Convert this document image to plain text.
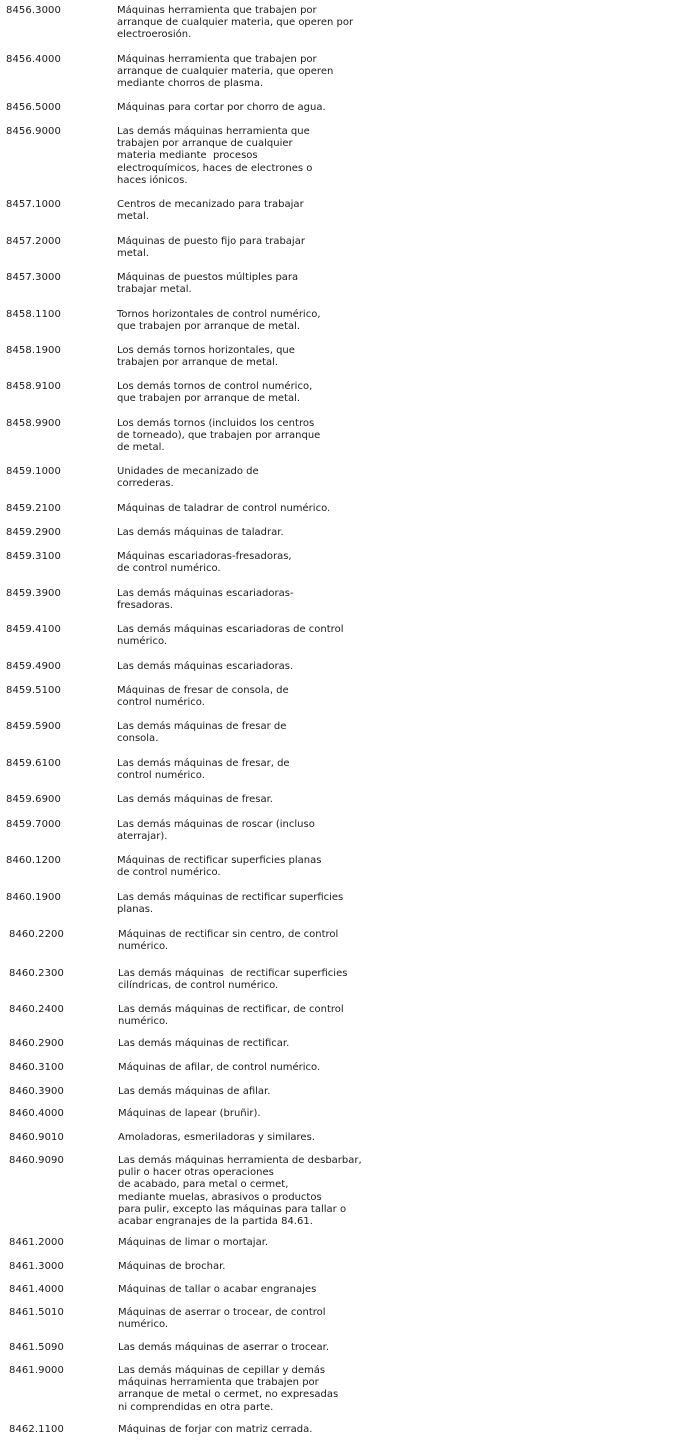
8456.3000	Máquinas herramienta que trabajen por
arranque de cualquier materia, que operen por
electroerosión.
8456.4000	Máquinas herramienta que trabajen por
arranque de cualquier materia, que operen
mediante chorros de plasma.
8456.5000	Máquinas para cortar por chorro de agua.
8456.9000	Las demás máquinas herramienta que
trabajen por arranque de cualquier
materia mediante  procesos
electroquímicos, haces de electrones o
haces iónicos.
8457.1000	Centros de mecanizado para trabajar
metal.
8457.2000	Máquinas de puesto fijo para trabajar
metal.
8457.3000	Máquinas de puestos múltiples para
trabajar metal.
8458.1100	Tornos horizontales de control numérico,
que trabajen por arranque de metal.
8458.1900	Los demás tornos horizontales, que
trabajen por arranque de metal.
8458.9100	Los demás tornos de control numérico,
que trabajen por arranque de metal.
8458.9900	Los demás tornos (incluidos los centros
de torneado), que trabajen por arranque
de metal.
8459.1000	Unidades de mecanizado de
correderas.
8459.2100	Máquinas de taladrar de control numérico.
8459.2900	Las demás máquinas de taladrar.
8459.3100	Máquinas escariadoras-fresadoras,
de control numérico.
8459.3900	Las demás máquinas escariadoras-
fresadoras.
8459.4100	Las demás máquinas escariadoras de control
numérico.
8459.4900	Las demás máquinas escariadoras.
8459.5100	Máquinas de fresar de consola, de
control numérico.
8459.5900	Las demás máquinas de fresar de
consola.
8459.6100	Las demás máquinas de fresar, de
control numérico.
8459.6900	Las demás máquinas de fresar.
8459.7000	Las demás máquinas de roscar (incluso
aterrajar).
8460.1200	Máquinas de rectificar superficies planas
de control numérico.
8460.1900	Las demás máquinas de rectificar superficies
planas.
8460.2200	Máquinas de rectificar sin centro, de control
numérico.
8460.2300	Las demás máquinas  de rectificar superficies
cilíndricas, de control numérico.
8460.2400	Las demás máquinas de rectificar, de control
numérico.
8460.2900	Las demás máquinas de rectificar.
8460.3100	Máquinas de afilar, de control numérico.
8460.3900	Las demás máquinas de afilar.
8460.4000	Máquinas de lapear (bruñir).
8460.9010	Amoladoras, esmeriladoras y similares.
8460.9090	Las demás máquinas herramienta de desbarbar,
pulir o hacer otras operaciones
de acabado, para metal o cermet,
mediante muelas, abrasivos o productos
para pulir, excepto las máquinas para tallar o
acabar engranajes de la partida 84.61.
8461.2000	Máquinas de limar o mortajar.
8461.3000	Máquinas de brochar.
8461.4000	Máquinas de tallar o acabar engranajes
8461.5010	Máquinas de aserrar o trocear, de control
numérico.
8461.5090	Las demás máquinas de aserrar o trocear.
8461.9000	Las demás máquinas de cepillar y demás
máquinas herramienta que trabajen por
arranque de metal o cermet, no expresadas
ni comprendidas en otra parte.
8462.1100	Máquinas de forjar con matriz cerrada.
